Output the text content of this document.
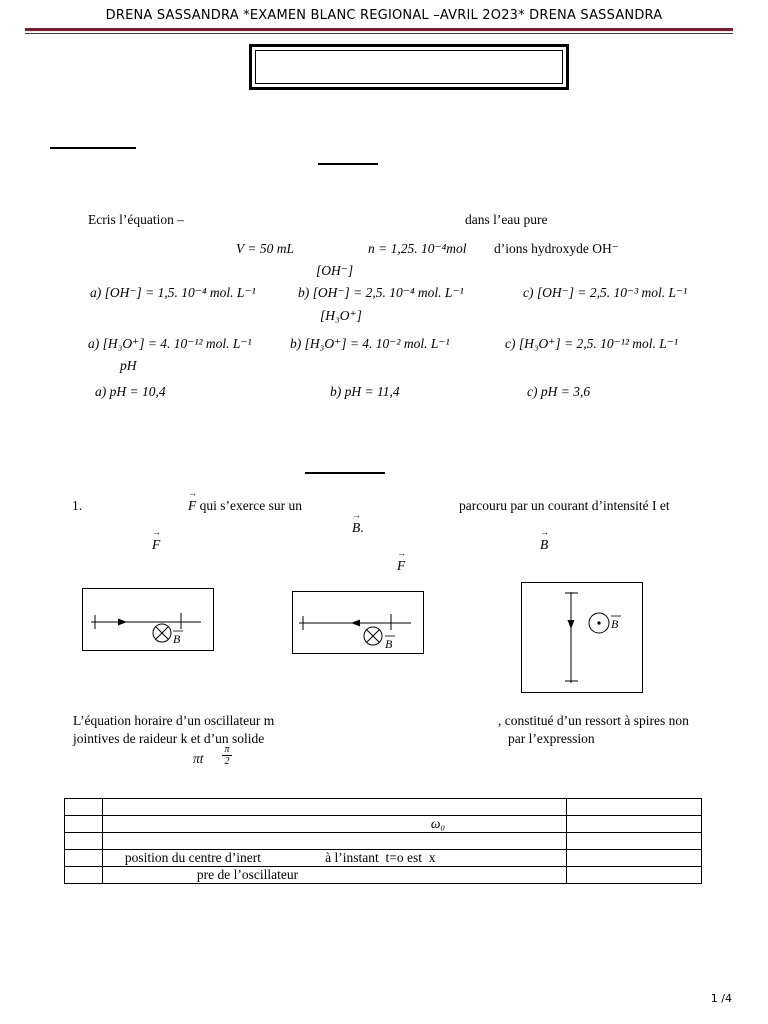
DRENA SASSANDRA *EXAMEN BLANC REGIONAL –AVRIL 2O23* DRENA SASSANDRA
Ecris l’équation –	dans l’eau pure
V = 50 mL	n = 1,25. 10⁻⁴mol d’ions hydroxyde OH⁻
[OH⁻]
a) [OH⁻] = 1,5. 10⁻⁴ mol. L⁻¹	b) [OH⁻] = 2,5. 10⁻⁴ mol. L⁻¹	c) [OH⁻] = 2,5. 10⁻³ mol. L⁻¹
[H₃O⁺]
a) [H₃O⁺] = 4. 10⁻¹² mol. L⁻¹	b) [H₃O⁺] = 4. 10⁻² mol. L⁻¹	c) [H₃O⁺] = 2,5. 10⁻¹² mol. L⁻¹
pH
a) pH = 10,4	b) pH = 11,4	c) pH = 3,6
1.	→ F qui s’exerce sur un	parcouru par un courant d’intensité I et
→ B.
→ F	→ B
→ F
B	B
B
L’équation horaire d’un oscillateur m	, constitué d’un ressort à spires non
jointives de raideur k et d’un solide	par l’expression
πt $\frac{\pi}{2}$

	ω₀	

	position du centre d’inert                   à l’instant  t=o est  x	
	pre de l’oscillateur	
1 /4
